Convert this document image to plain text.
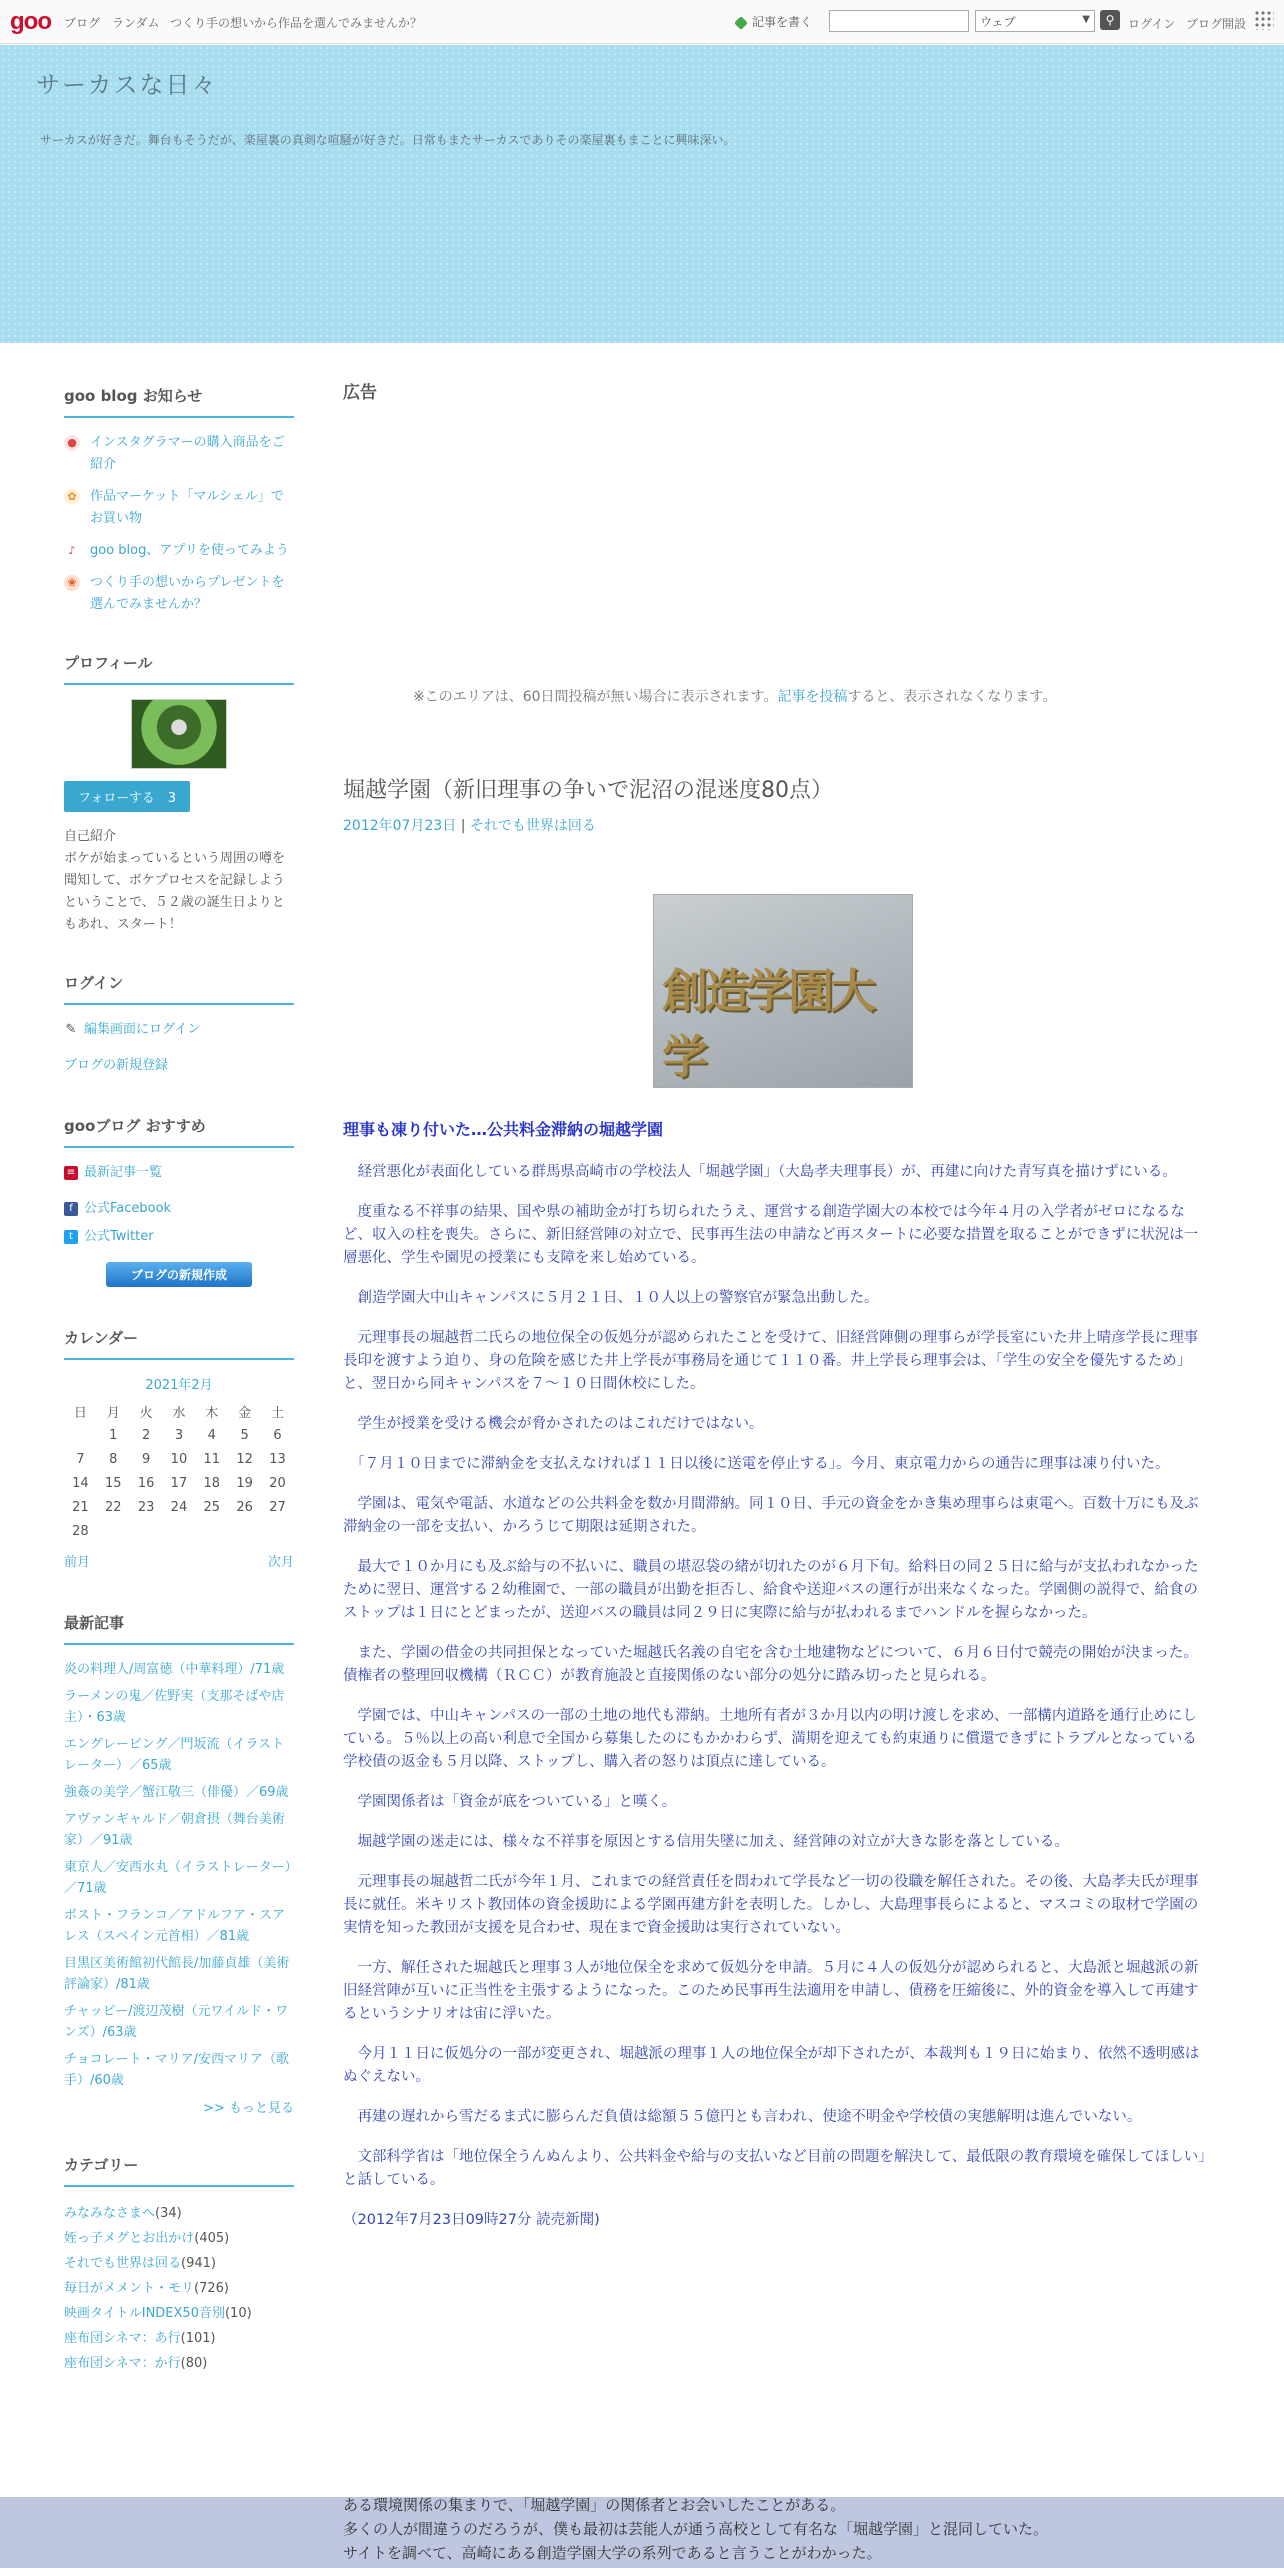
goo ブログ ランダム つくり手の想いから作品を選んでみませんか？	記事を書く	ウェブ	▼	⚲	ログイン ブログ開設
サーカスな日々
サーカスが好きだ。舞台もそうだが、楽屋裏の真剣な喧騒が好きだ。日常もまたサーカスでありその楽屋裏もまことに興味深い。
goo blog お知らせ
● インスタグラマーの購入商品をご紹介
✿ 作品マーケット「マルシェル」でお買い物
♪	goo blog、アプリを使ってみよう
❀ つくり手の想いからプレゼントを選んでみませんか？
プロフィール
フォローする　3
自己紹介
ボケが始まっているという周囲の噂を聞知して、ボケプロセスを記録しようということで、５２歳の誕生日よりともあれ、スタート！
ログイン
✎ 編集画面にログイン
ブログの新規登録
gooブログ おすすめ
≡ 最新記事一覧
f 公式Facebook
t 公式Twitter
ブログの新規作成
カレンダー
2021年2月
日	月	火	水	木	金	土
	1	2	3	4	5	6
7	8	9	10	11	12	13
14	15	16	17	18	19	20
21	22	23	24	25	26	27
28						
前月	次月
最新記事
炎の料理人/周富徳（中華料理）/71歳
ラーメンの鬼／佐野実（支那そばや店主）・63歳
エングレービング／門坂流（イラストレーター）／65歳
強姦の美学／蟹江敬三（俳優）／69歳
アヴァンギャルド／朝倉摂（舞台美術家）／91歳
東京人／安西水丸（イラストレーター）／71歳
ボスト・フランコ／アドルフア・スアレス（スペイン元首相）／81歳
目黒区美術館初代館長/加藤貞雄（美術評論家）/81歳
チャッピー/渡辺茂樹（元ワイルド・ワンズ）/63歳
チョコレート・マリア/安西マリア（歌手）/60歳
>> もっと見る
カテゴリー
みなみなさまへ(34)
姪っ子メグとお出かけ(405)
それでも世界は回る(941)
毎日がメメント・モリ(726)
映画タイトルINDEX50音別(10)
座布団シネマ：あ行(101)
座布団シネマ：か行(80)
広告
※このエリアは、60日間投稿が無い場合に表示されます。記事を投稿すると、表示されなくなります。
堀越学園（新旧理事の争いで泥沼の混迷度80点）
2012年07月23日 | それでも世界は回る
創造学園大学
理事も凍り付いた…公共料金滞納の堀越学園

　経営悪化が表面化している群馬県高崎市の学校法人「堀越学園」（大島孝夫理事長）が、再建に向けた青写真を描けずにいる。

　度重なる不祥事の結果、国や県の補助金が打ち切られたうえ、運営する創造学園大の本校では今年４月の入学者がゼロになるなど、収入の柱を喪失。さらに、新旧経営陣の対立で、民事再生法の申請など再スタートに必要な措置を取ることができずに状況は一層悪化、学生や園児の授業にも支障を来し始めている。

　創造学園大中山キャンパスに５月２１日、１０人以上の警察官が緊急出動した。

　元理事長の堀越哲二氏らの地位保全の仮処分が認められたことを受けて、旧経営陣側の理事らが学長室にいた井上晴彦学長に理事長印を渡すよう迫り、身の危険を感じた井上学長が事務局を通じて１１０番。井上学長ら理事会は、「学生の安全を優先するため」と、翌日から同キャンパスを７～１０日間休校にした。

　学生が授業を受ける機会が脅かされたのはこれだけではない。

　「７月１０日までに滞納金を支払えなければ１１日以後に送電を停止する」。今月、東京電力からの通告に理事は凍り付いた。

　学園は、電気や電話、水道などの公共料金を数か月間滞納。同１０日、手元の資金をかき集め理事らは東電へ。百数十万にも及ぶ滞納金の一部を支払い、かろうじて期限は延期された。

　最大で１０か月にも及ぶ給与の不払いに、職員の堪忍袋の緒が切れたのが６月下旬。給料日の同２５日に給与が支払われなかったために翌日、運営する２幼稚園で、一部の職員が出勤を拒否し、給食や送迎バスの運行が出来なくなった。学園側の説得で、給食のストップは１日にとどまったが、送迎バスの職員は同２９日に実際に給与が払われるまでハンドルを握らなかった。

　また、学園の借金の共同担保となっていた堀越氏名義の自宅を含む土地建物などについて、６月６日付で競売の開始が決まった。債権者の整理回収機構（ＲＣＣ）が教育施設と直接関係のない部分の処分に踏み切ったと見られる。

　学園では、中山キャンパスの一部の土地の地代も滞納。土地所有者が３か月以内の明け渡しを求め、一部構内道路を通行止めにしている。５％以上の高い利息で全国から募集したのにもかかわらず、満期を迎えても約束通りに償還できずにトラブルとなっている学校債の返金も５月以降、ストップし、購入者の怒りは頂点に達している。

　学園関係者は「資金が底をついている」と嘆く。

　堀越学園の迷走には、様々な不祥事を原因とする信用失墜に加え、経営陣の対立が大きな影を落としている。

　元理事長の堀越哲二氏が今年１月、これまでの経営責任を問われて学長など一切の役職を解任された。その後、大島孝夫氏が理事長に就任。米キリスト教団体の資金援助による学園再建方針を表明した。しかし、大島理事長らによると、マスコミの取材で学園の実情を知った教団が支援を見合わせ、現在まで資金援助は実行されていない。

　一方、解任された堀越氏と理事３人が地位保全を求めて仮処分を申請。５月に４人の仮処分が認められると、大島派と堀越派の新旧経営陣が互いに正当性を主張するようになった。このため民事再生法適用を申請し、債務を圧縮後に、外的資金を導入して再建するというシナリオは宙に浮いた。

　今月１１日に仮処分の一部が変更され、堀越派の理事１人の地位保全が却下されたが、本裁判も１９日に始まり、依然不透明感はぬぐえない。

　再建の遅れから雪だるま式に膨らんだ負債は総額５５億円とも言われ、使途不明金や学校債の実態解明は進んでいない。

　文部科学省は「地位保全うんぬんより、公共料金や給与の支払いなど目前の問題を解決して、最低限の教育環境を確保してほしい」と話している。

（2012年7月23日09時27分 読売新聞)

ある環境関係の集まりで、「堀越学園」の関係者とお会いしたことがある。
多くの人が間違うのだろうが、僕も最初は芸能人が通う高校として有名な「堀越学園」と混同していた。
サイトを調べて、高崎にある創造学園大学の系列であると言うことがわかった。
